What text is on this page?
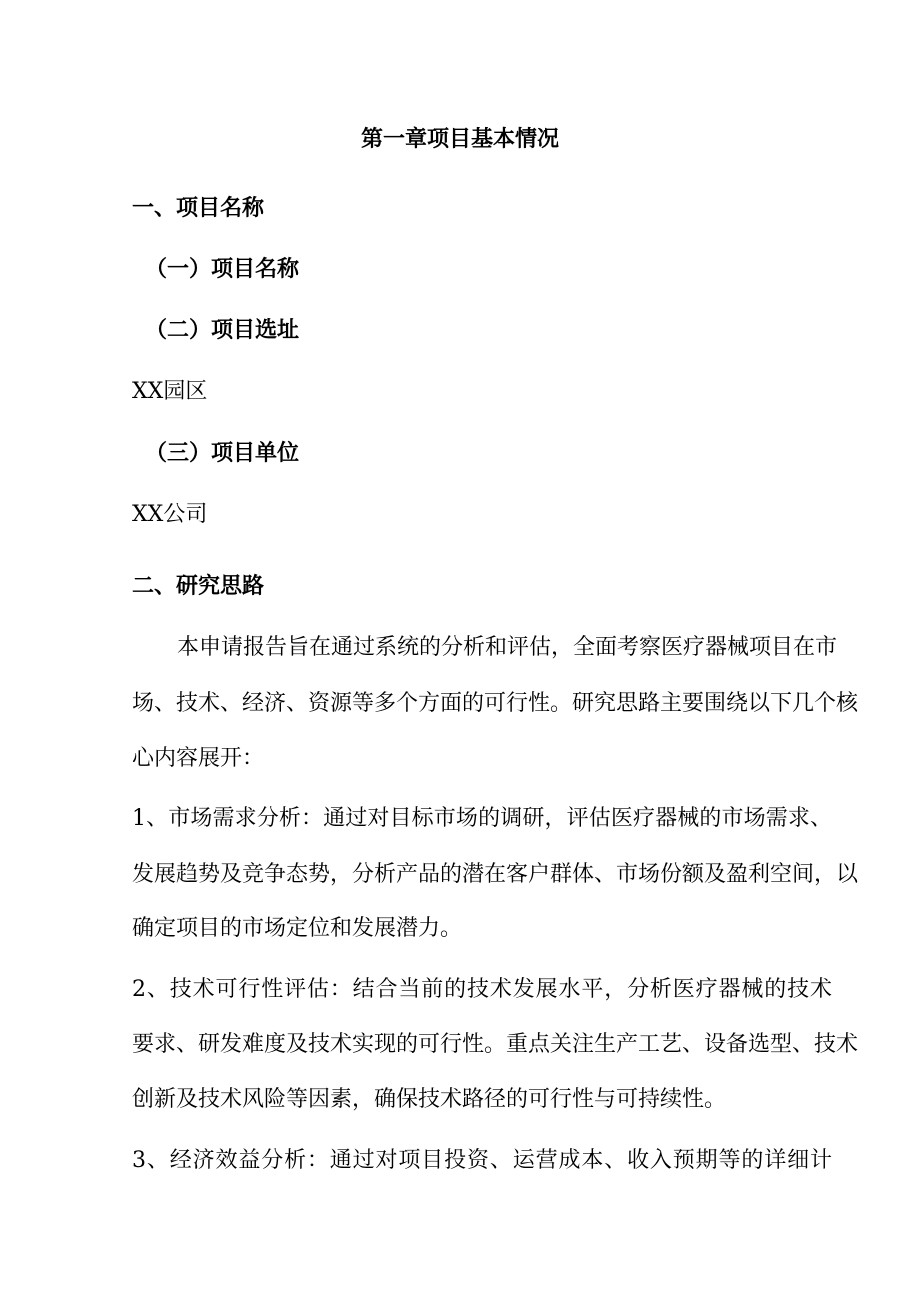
第一章项目基本情况
一、项目名称
（一）项目名称
（二）项目选址
XX园区
（三）项目单位
XX公司
二、研究思路
本申请报告旨在通过系统的分析和评估，全面考察医疗器械项目在市
场、技术、经济、资源等多个方面的可行性。研究思路主要围绕以下几个核
心内容展开：
1、市场需求分析：通过对目标市场的调研，评估医疗器械的市场需求、
发展趋势及竞争态势，分析产品的潜在客户群体、市场份额及盈利空间，以
确定项目的市场定位和发展潜力。
2、技术可行性评估：结合当前的技术发展水平，分析医疗器械的技术
要求、研发难度及技术实现的可行性。重点关注生产工艺、设备选型、技术
创新及技术风险等因素，确保技术路径的可行性与可持续性。
3、经济效益分析：通过对项目投资、运营成本、收入预期等的详细计
